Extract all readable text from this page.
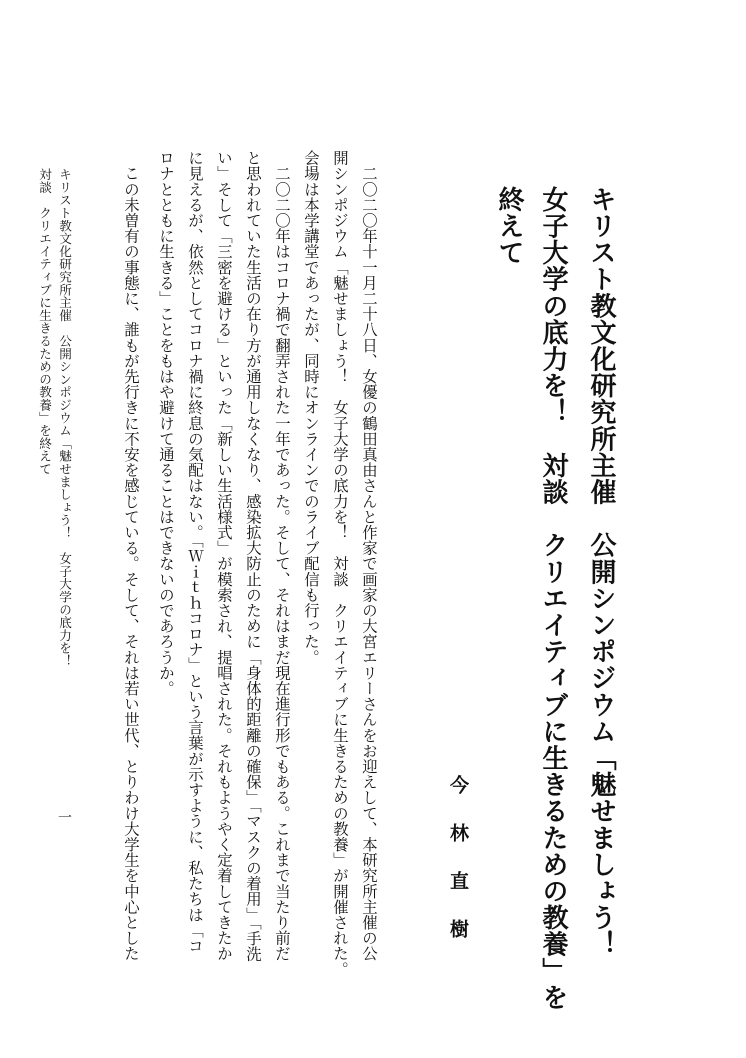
キリスト教文化研究所主催　公開シンポジウム「魅せましょう！

女子大学の底力を！　対談　クリエイティブに生きるための教養」を

終えて

今林直樹

　二〇二〇年十一月二十八日、女優の鶴田真由さんと作家で画家の大宮エリーさんをお迎えして、本研究所主催の公

開シンポジウム「魅せましょう！　女子大学の底力を！　対談　クリエイティブに生きるための教養」が開催された。

会場は本学講堂であったが、同時にオンラインでのライブ配信も行った。

　二〇二〇年はコロナ禍で翻弄された一年であった。そして、それはまだ現在進行形でもある。これまで当たり前だ

と思われていた生活の在り方が通用しなくなり、感染拡大防止のために「身体的距離の確保」「マスクの着用」「手洗

い」そして「三密を避ける」といった「新しい生活様式」が模索され、提唱された。それもようやく定着してきたか

に見えるが、依然としてコロナ禍に終息の気配はない。「Ｗｉｔｈコロナ」という言葉が示すように、私たちは「コ

ロナとともに生きる」ことをもはや避けて通ることはできないのであろうか。

　この未曽有の事態に、誰もが先行きに不安を感じている。そして、それは若い世代、とりわけ大学生を中心とした

キリスト教文化研究所主催　公開シンポジウム「魅せましょう！　女子大学の底力を！

対談　クリエイティブに生きるための教養」を終えて

一
